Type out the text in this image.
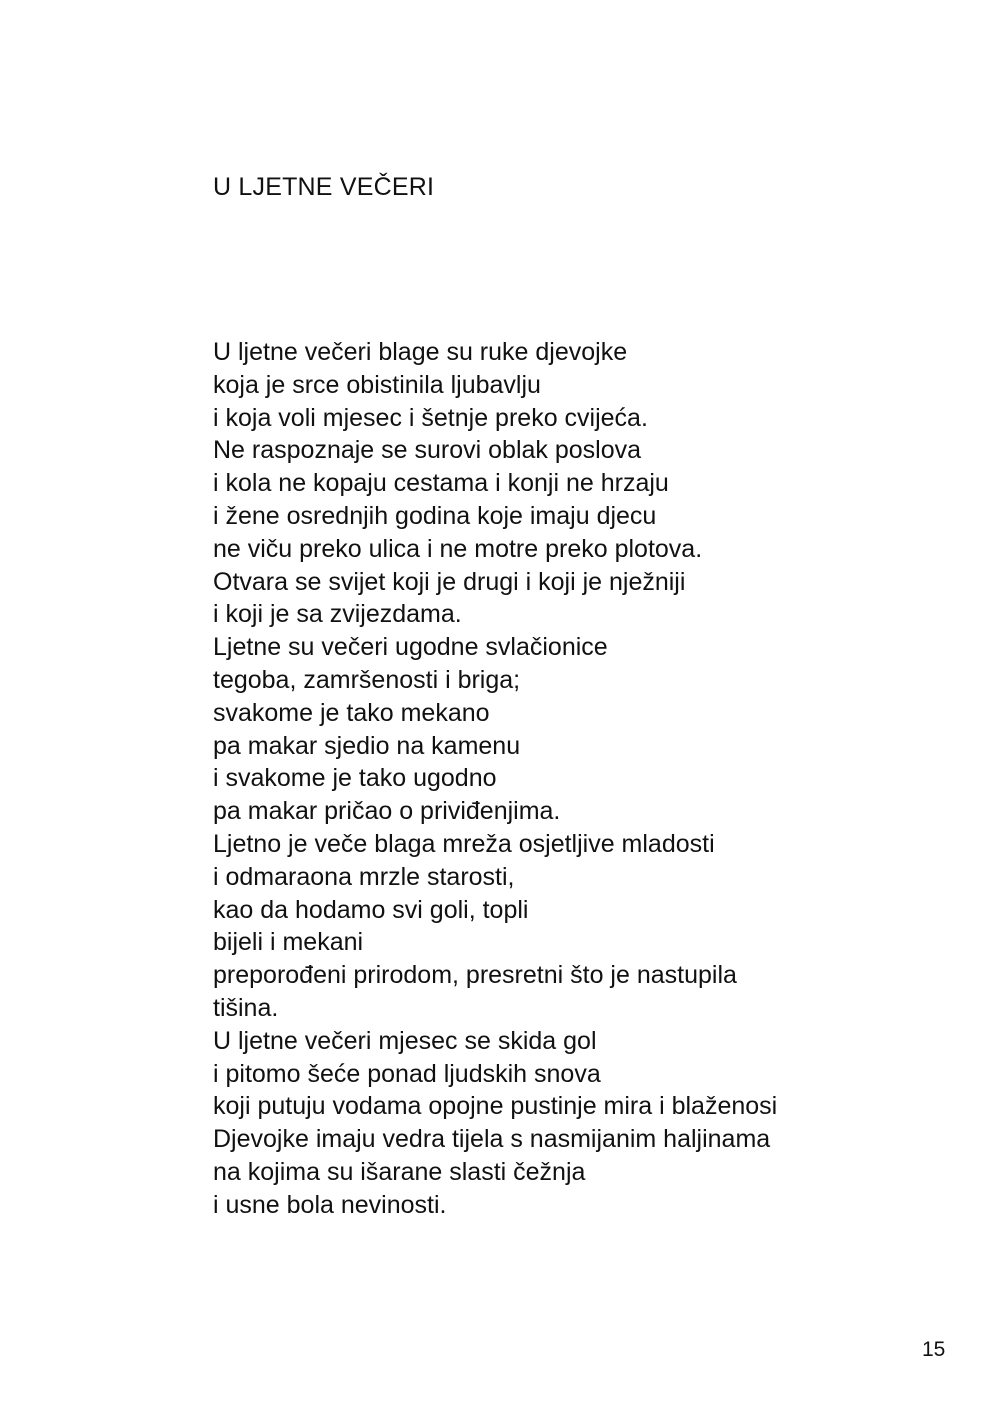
U LJETNE VEČERI
U ljetne večeri blage su ruke djevojke
koja je srce obistinila ljubavlju
i koja voli mjesec i šetnje preko cvijeća.
Ne raspoznaje se surovi oblak poslova
i kola ne kopaju cestama i konji ne hrzaju
i žene osrednjih godina koje imaju djecu
ne viču preko ulica i ne motre preko plotova.
Otvara se svijet koji je drugi i koji je nježniji
i koji je sa zvijezdama.
Ljetne su večeri ugodne svlačionice
tegoba, zamršenosti i briga;
svakome je tako mekano
pa makar sjedio na kamenu
i svakome je tako ugodno
pa makar pričao o priviđenjima.
Ljetno je veče blaga mreža osjetljive mladosti
i odmaraona mrzle starosti,
kao da hodamo svi goli, topli
bijeli i mekani
preporođeni prirodom, presretni što je nastupila
tišina.
U ljetne večeri mjesec se skida gol
i pitomo šeće ponad ljudskih snova
koji putuju vodama opojne pustinje mira i blaženosi
Djevojke imaju vedra tijela s nasmijanim haljinama
na kojima su išarane slasti čežnja
i usne bola nevinosti.
15
